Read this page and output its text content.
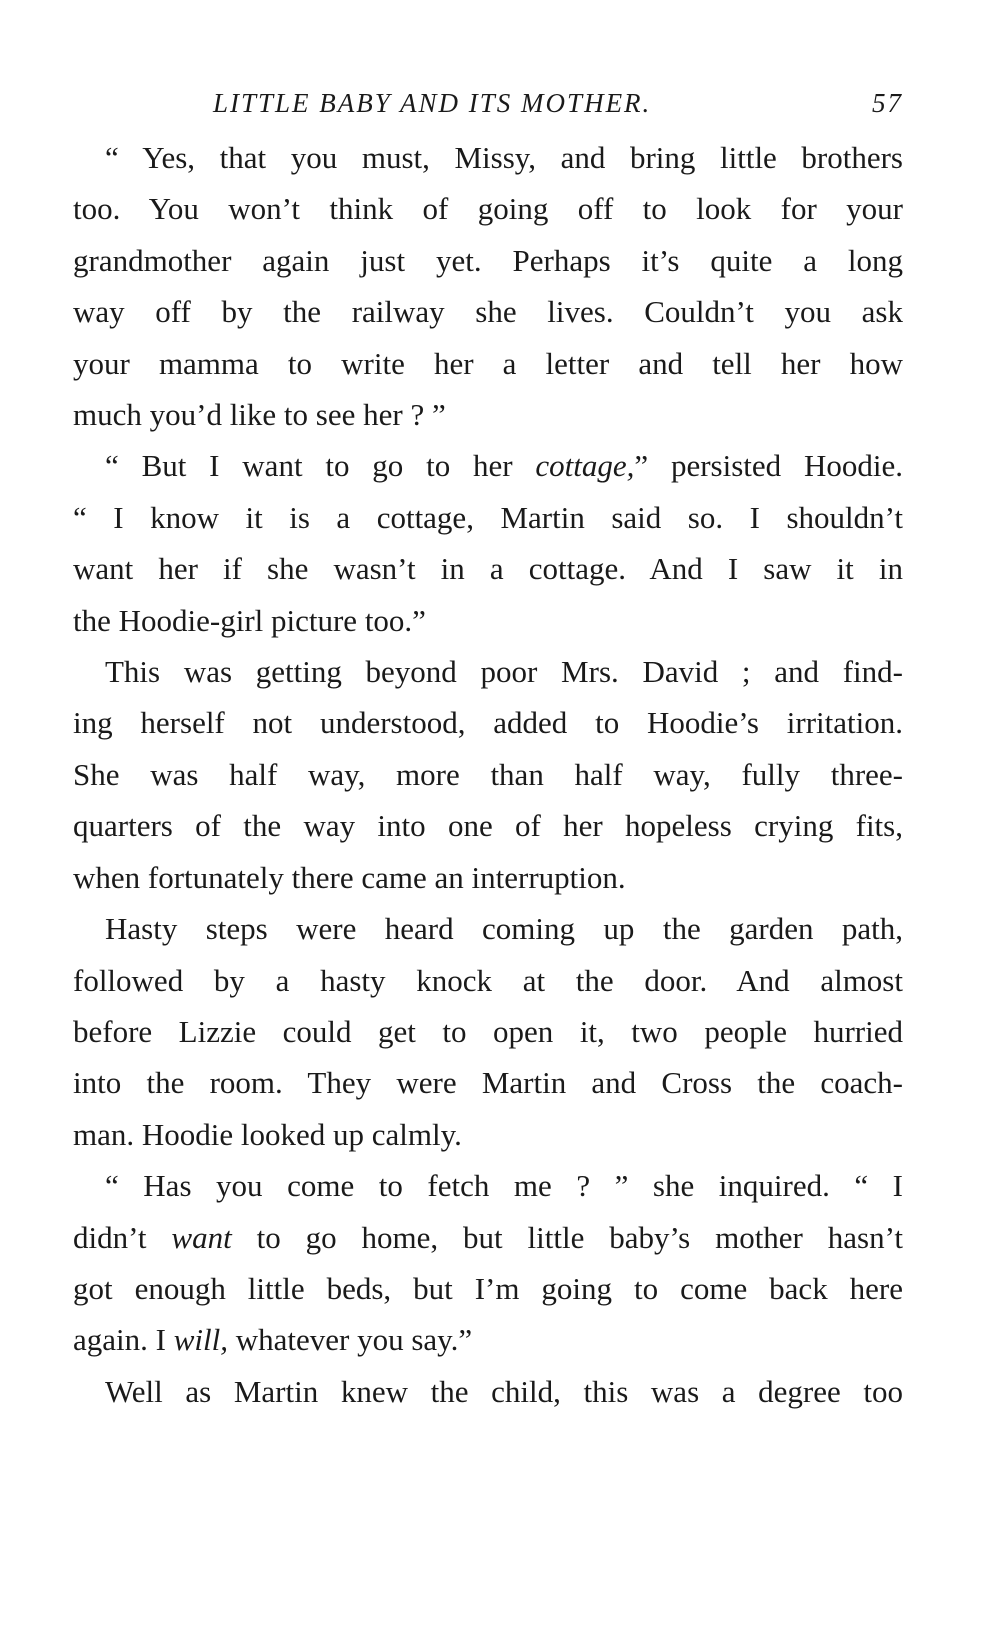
LITTLE BABY AND ITS MOTHER.	57
“ Yes, that you must, Missy, and bring little brothers
too. You won’t think of going off to look for your
grandmother again just yet. Perhaps it’s quite a long
way off by the railway she lives. Couldn’t you ask
your mamma to write her a letter and tell her how
much you’d like to see her ? ”
“ But I want to go to her cottage,” persisted Hoodie.
“ I know it is a cottage, Martin said so. I shouldn’t
want her if she wasn’t in a cottage. And I saw it in
the Hoodie-girl picture too.”
This was getting beyond poor Mrs. David ; and find-
ing herself not understood, added to Hoodie’s irritation.
She was half way, more than half way, fully three-
quarters of the way into one of her hopeless crying fits,
when fortunately there came an interruption.
Hasty steps were heard coming up the garden path,
followed by a hasty knock at the door. And almost
before Lizzie could get to open it, two people hurried
into the room. They were Martin and Cross the coach-
man. Hoodie looked up calmly.
“ Has you come to fetch me ? ” she inquired. “ I
didn’t want to go home, but little baby’s mother hasn’t
got enough little beds, but I’m going to come back here
again. I will, whatever you say.”
Well as Martin knew the child, this was a degree too
